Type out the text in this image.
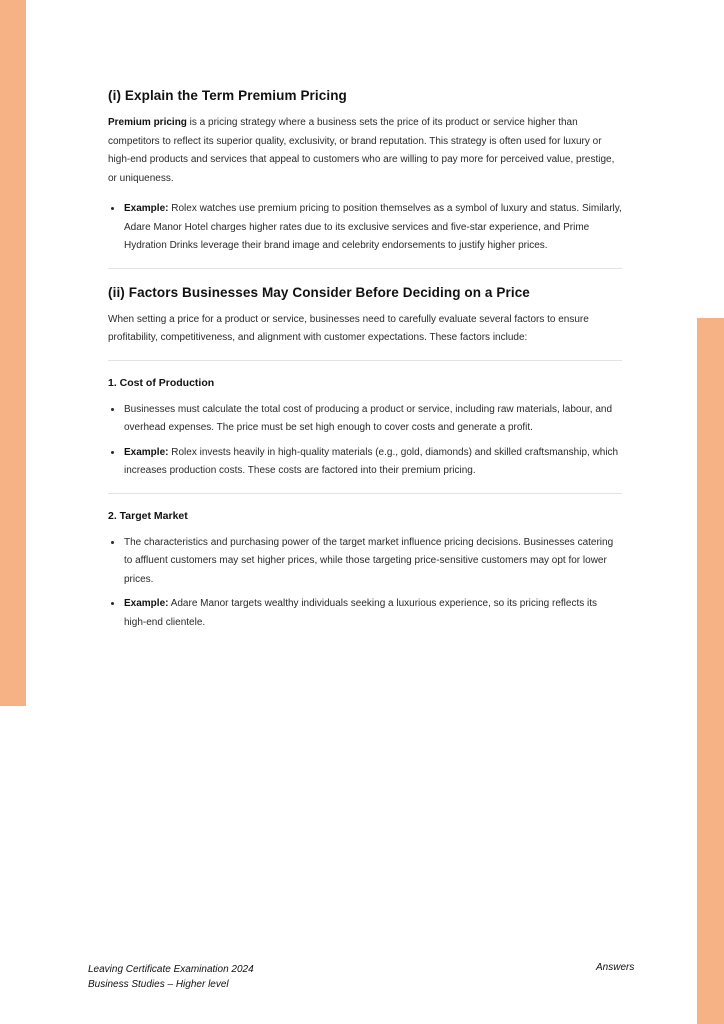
(i) Explain the Term Premium Pricing

Premium pricing is a pricing strategy where a business sets the price of its product or service higher than competitors to reflect its superior quality, exclusivity, or brand reputation. This strategy is often used for luxury or high-end products and services that appeal to customers who are willing to pay more for perceived value, prestige, or uniqueness.

• Example: Rolex watches use premium pricing to position themselves as a symbol of luxury and status. Similarly, Adare Manor Hotel charges higher rates due to its exclusive services and five-star experience, and Prime Hydration Drinks leverage their brand image and celebrity endorsements to justify higher prices.
(ii) Factors Businesses May Consider Before Deciding on a Price

When setting a price for a product or service, businesses need to carefully evaluate several factors to ensure profitability, competitiveness, and alignment with customer expectations. These factors include:

1. Cost of Production
• Businesses must calculate the total cost of producing a product or service, including raw materials, labour, and overhead expenses. The price must be set high enough to cover costs and generate a profit.
• Example: Rolex invests heavily in high-quality materials (e.g., gold, diamonds) and skilled craftsmanship, which increases production costs. These costs are factored into their premium pricing.
2. Target Market
• The characteristics and purchasing power of the target market influence pricing decisions. Businesses catering to affluent customers may set higher prices, while those targeting price-sensitive customers may opt for lower prices.
• Example: Adare Manor targets wealthy individuals seeking a luxurious experience, so its pricing reflects its high-end clientele.
Leaving Certificate Examination 2024
Business Studies – Higher level
Answers
